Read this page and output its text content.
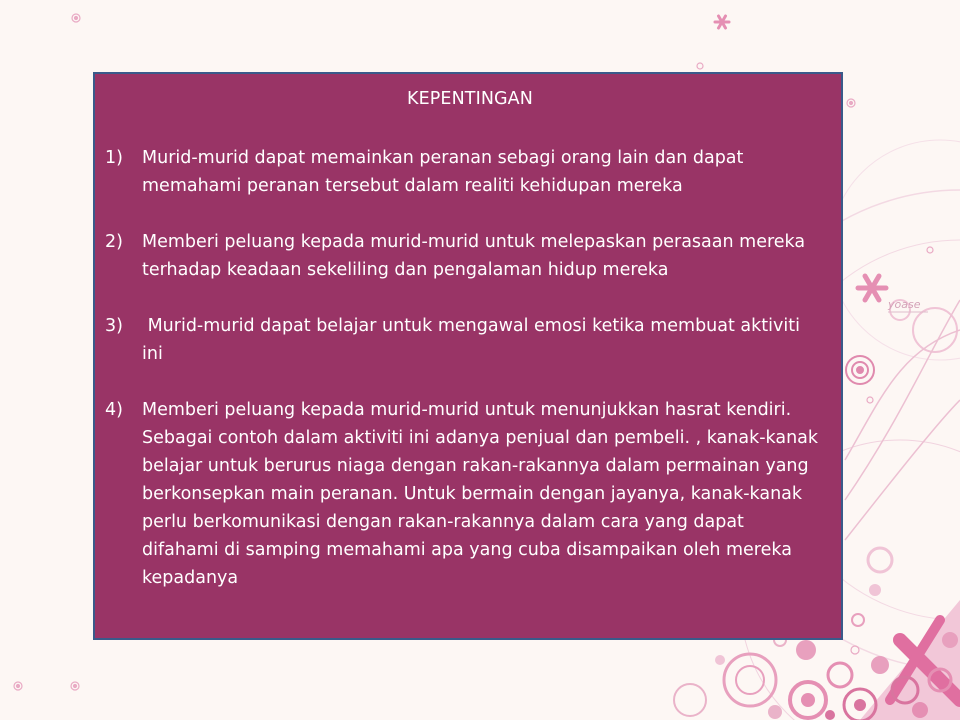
yoase
KEPENTINGAN
1) Murid-murid dapat memainkan peranan sebagi orang lain dan dapat memahami peranan tersebut dalam realiti kehidupan mereka
2) Memberi peluang kepada murid-murid untuk melepaskan perasaan mereka terhadap keadaan sekeliling dan pengalaman hidup mereka
3) Murid-murid dapat belajar untuk mengawal emosi ketika membuat aktiviti ini
4) Memberi peluang kepada murid-murid untuk menunjukkan hasrat kendiri. Sebagai contoh dalam aktiviti ini adanya penjual dan pembeli. , kanak-kanak belajar untuk berurus niaga dengan rakan-rakannya dalam permainan yang berkonsepkan main peranan. Untuk bermain dengan jayanya, kanak-kanak perlu berkomunikasi dengan rakan-rakannya dalam cara yang dapat difahami di samping memahami apa yang cuba disampaikan oleh mereka kepadanya
